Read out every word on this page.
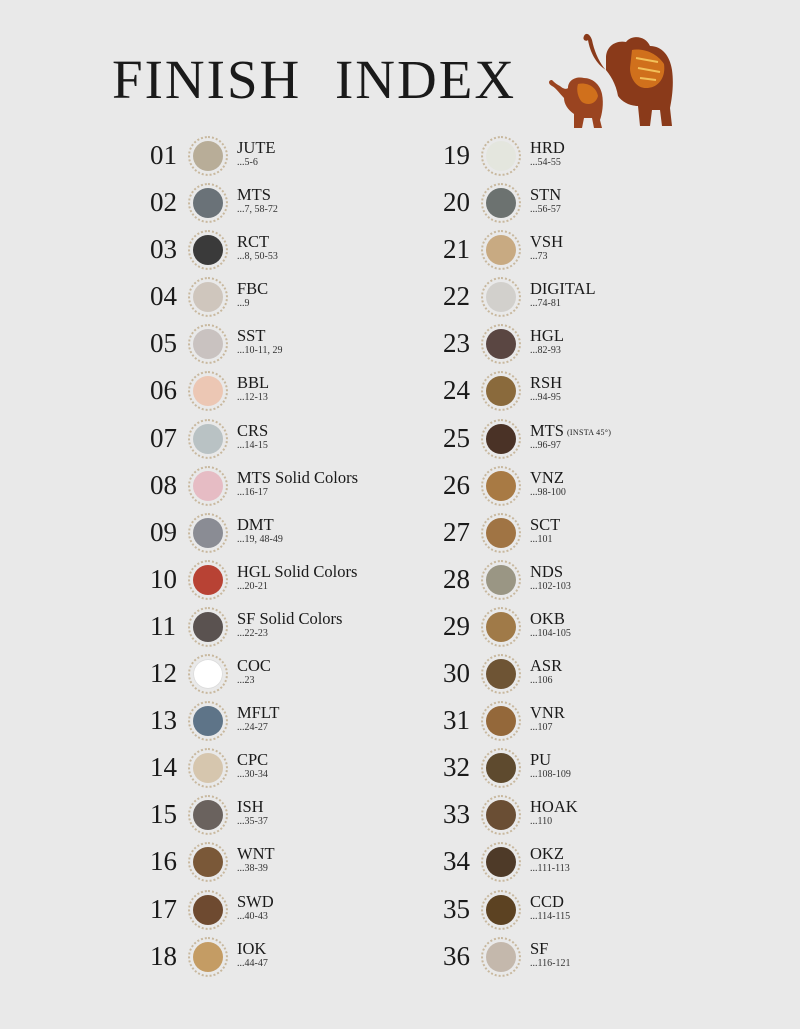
FINISH INDEX
01	JUTE
...5-6
02	MTS
...7, 58-72
03	RCT
...8, 50-53
04	FBC
...9
05	SST
...10-11, 29
06	BBL
...12-13
07	CRS
...14-15
08	MTS Solid Colors
...16-17
09	DMT
...19, 48-49
10	HGL Solid Colors
...20-21
11	SF Solid Colors
...22-23
12	COC
...23
13	MFLT
...24-27
14	CPC
...30-34
15	ISH
...35-37
16	WNT
...38-39
17	SWD
...40-43
18	IOK
...44-47
19	HRD
...54-55
20	STN
...56-57
21	VSH
...73
22	DIGITAL
...74-81
23	HGL
...82-93
24	RSH
...94-95
25	MTS (INSTA 45°)
...96-97
26	VNZ
...98-100
27	SCT
...101
28	NDS
...102-103
29	OKB
...104-105
30	ASR
...106
31	VNR
...107
32	PU
...108-109
33	HOAK
...110
34	OKZ
...111-113
35	CCD
...114-115
36	SF
...116-121
